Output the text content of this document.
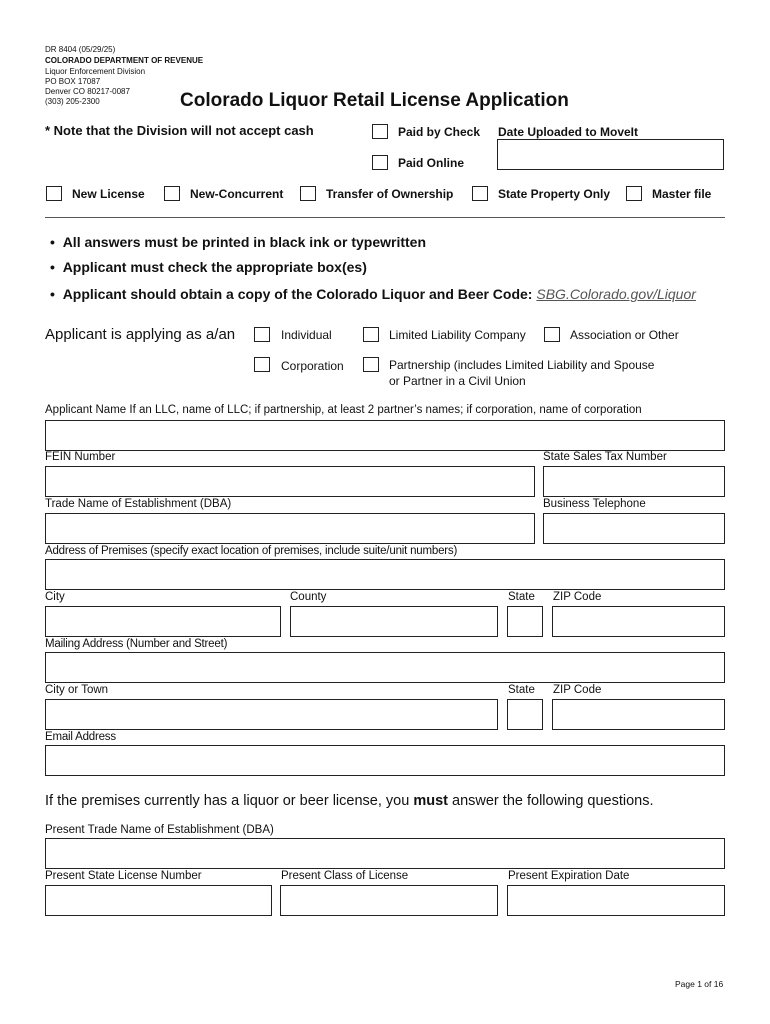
DR 8404 (05/29/25)
COLORADO DEPARTMENT OF REVENUE
Liquor Enforcement Division
PO BOX 17087
Denver CO 80217-0087
(303) 205-2300	Colorado Liquor Retail License Application
* Note that the Division will not accept cash	Paid by Check Date Uploaded to MoveIt
Paid Online
New License	New-Concurrent	Transfer of Ownership	State Property Only	Master file
•  All answers must be printed in black ink or typewritten
•  Applicant must check the appropriate box(es)
•  Applicant should obtain a copy of the Colorado Liquor and Beer Code: SBG.Colorado.gov/Liquor
Applicant is applying as a/an	Individual	Limited Liability Company	Association or Other
Corporation	Partnership (includes Limited Liability and Spouse
or Partner in a Civil Union
Applicant Name If an LLC, name of LLC; if partnership, at least 2 partner’s names; if corporation, name of corporation
FEIN Number	State Sales Tax Number
Trade Name of Establishment (DBA)	Business Telephone
Address of Premises (specify exact location of premises, include suite/unit numbers)
City	County	State ZIP Code
Mailing Address (Number and Street)
City or Town	State ZIP Code
Email Address
If the premises currently has a liquor or beer license, you must answer the following questions.
Present Trade Name of Establishment (DBA)
Present State License Number	Present Class of License	Present Expiration Date
Page 1 of 16
